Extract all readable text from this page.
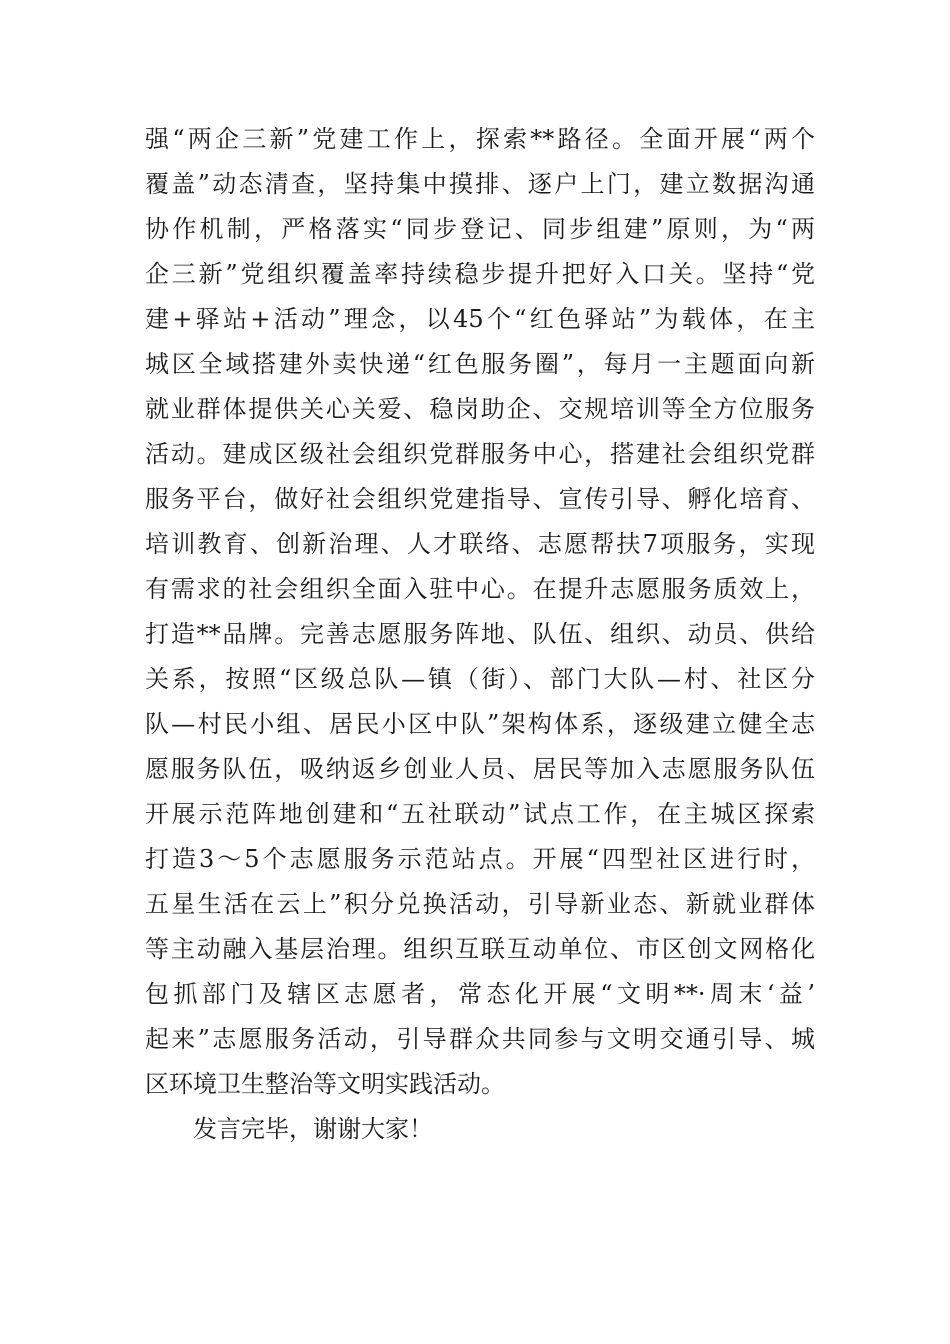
强“两企三新”党建工作上，探索**路径。全面开展“两个
覆盖”动态清查，坚持集中摸排、逐户上门，建立数据沟通
协作机制，严格落实“同步登记、同步组建”原则，为“两
企三新”党组织覆盖率持续稳步提升把好入口关。坚持“党
建+驿站+活动”理念，以45个“红色驿站”为载体，在主
城区全域搭建外卖快递“红色服务圈”，每月一主题面向新
就业群体提供关心关爱、稳岗助企、交规培训等全方位服务
活动。建成区级社会组织党群服务中心，搭建社会组织党群
服务平台，做好社会组织党建指导、宣传引导、孵化培育、
培训教育、创新治理、人才联络、志愿帮扶7项服务，实现
有需求的社会组织全面入驻中心。在提升志愿服务质效上，
打造**品牌。完善志愿服务阵地、队伍、组织、动员、供给
关系，按照“区级总队—镇（街）、部门大队—村、社区分
队—村民小组、居民小区中队”架构体系，逐级建立健全志
愿服务队伍，吸纳返乡创业人员、居民等加入志愿服务队伍
开展示范阵地创建和“五社联动”试点工作，在主城区探索
打造3～5个志愿服务示范站点。开展“四型社区进行时，
五星生活在云上”积分兑换活动，引导新业态、新就业群体
等主动融入基层治理。组织互联互动单位、市区创文网格化
包抓部门及辖区志愿者，常态化开展“文明**·周末‘益’
起来”志愿服务活动，引导群众共同参与文明交通引导、城
区环境卫生整治等文明实践活动。
发言完毕，谢谢大家！
